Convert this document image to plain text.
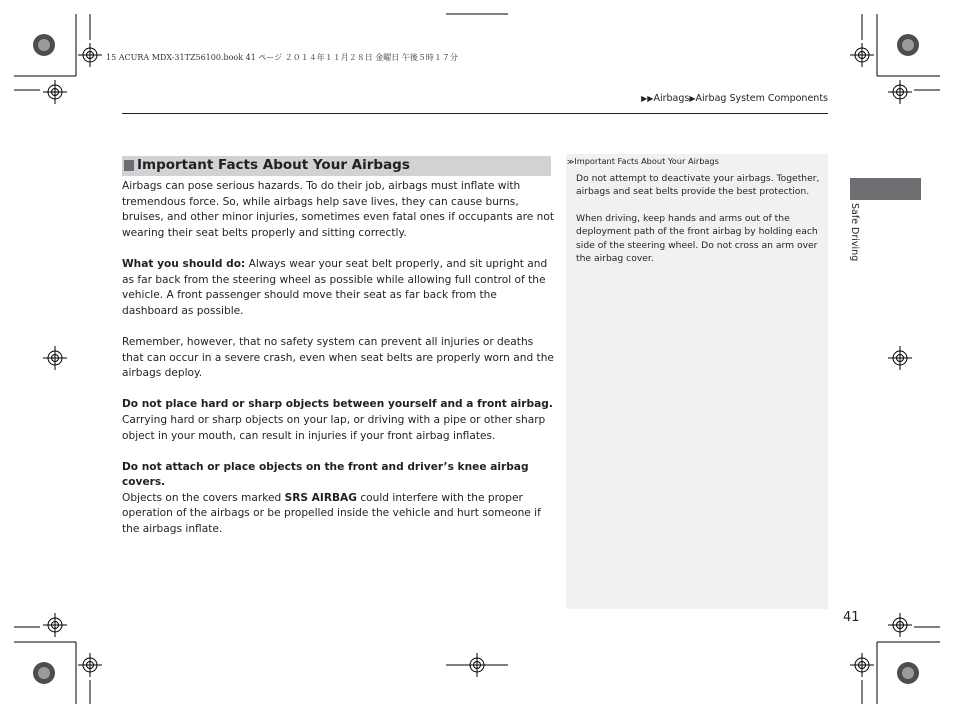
15 ACURA MDX-31TZ56100.book 41 ページ ２０１４年１１月２８日 金曜日 午後５時１７分
▶▶Airbags▶Airbag System Components
Important Facts About Your Airbags

Airbags can pose serious hazards. To do their job, airbags must inflate with tremendous force. So, while airbags help save lives, they can cause burns, bruises, and other minor injuries, sometimes even fatal ones if occupants are not wearing their seat belts properly and sitting correctly.

What you should do: Always wear your seat belt properly, and sit upright and as far back from the steering wheel as possible while allowing full control of the vehicle. A front passenger should move their seat as far back from the dashboard as possible.

Remember, however, that no safety system can prevent all injuries or deaths that can occur in a severe crash, even when seat belts are properly worn and the airbags deploy.

Do not place hard or sharp objects between yourself and a front airbag.
Carrying hard or sharp objects on your lap, or driving with a pipe or other sharp object in your mouth, can result in injuries if your front airbag inflates.

Do not attach or place objects on the front and driver’s knee airbag covers.
Objects on the covers marked SRS AIRBAG could interfere with the proper operation of the airbags or be propelled inside the vehicle and hurt someone if the airbags inflate.

≫Important Facts About Your Airbags

Do not attempt to deactivate your airbags. Together, airbags and seat belts provide the best protection.

When driving, keep hands and arms out of the deployment path of the front airbag by holding each side of the steering wheel. Do not cross an arm over the airbag cover.	Safe Driving
41
